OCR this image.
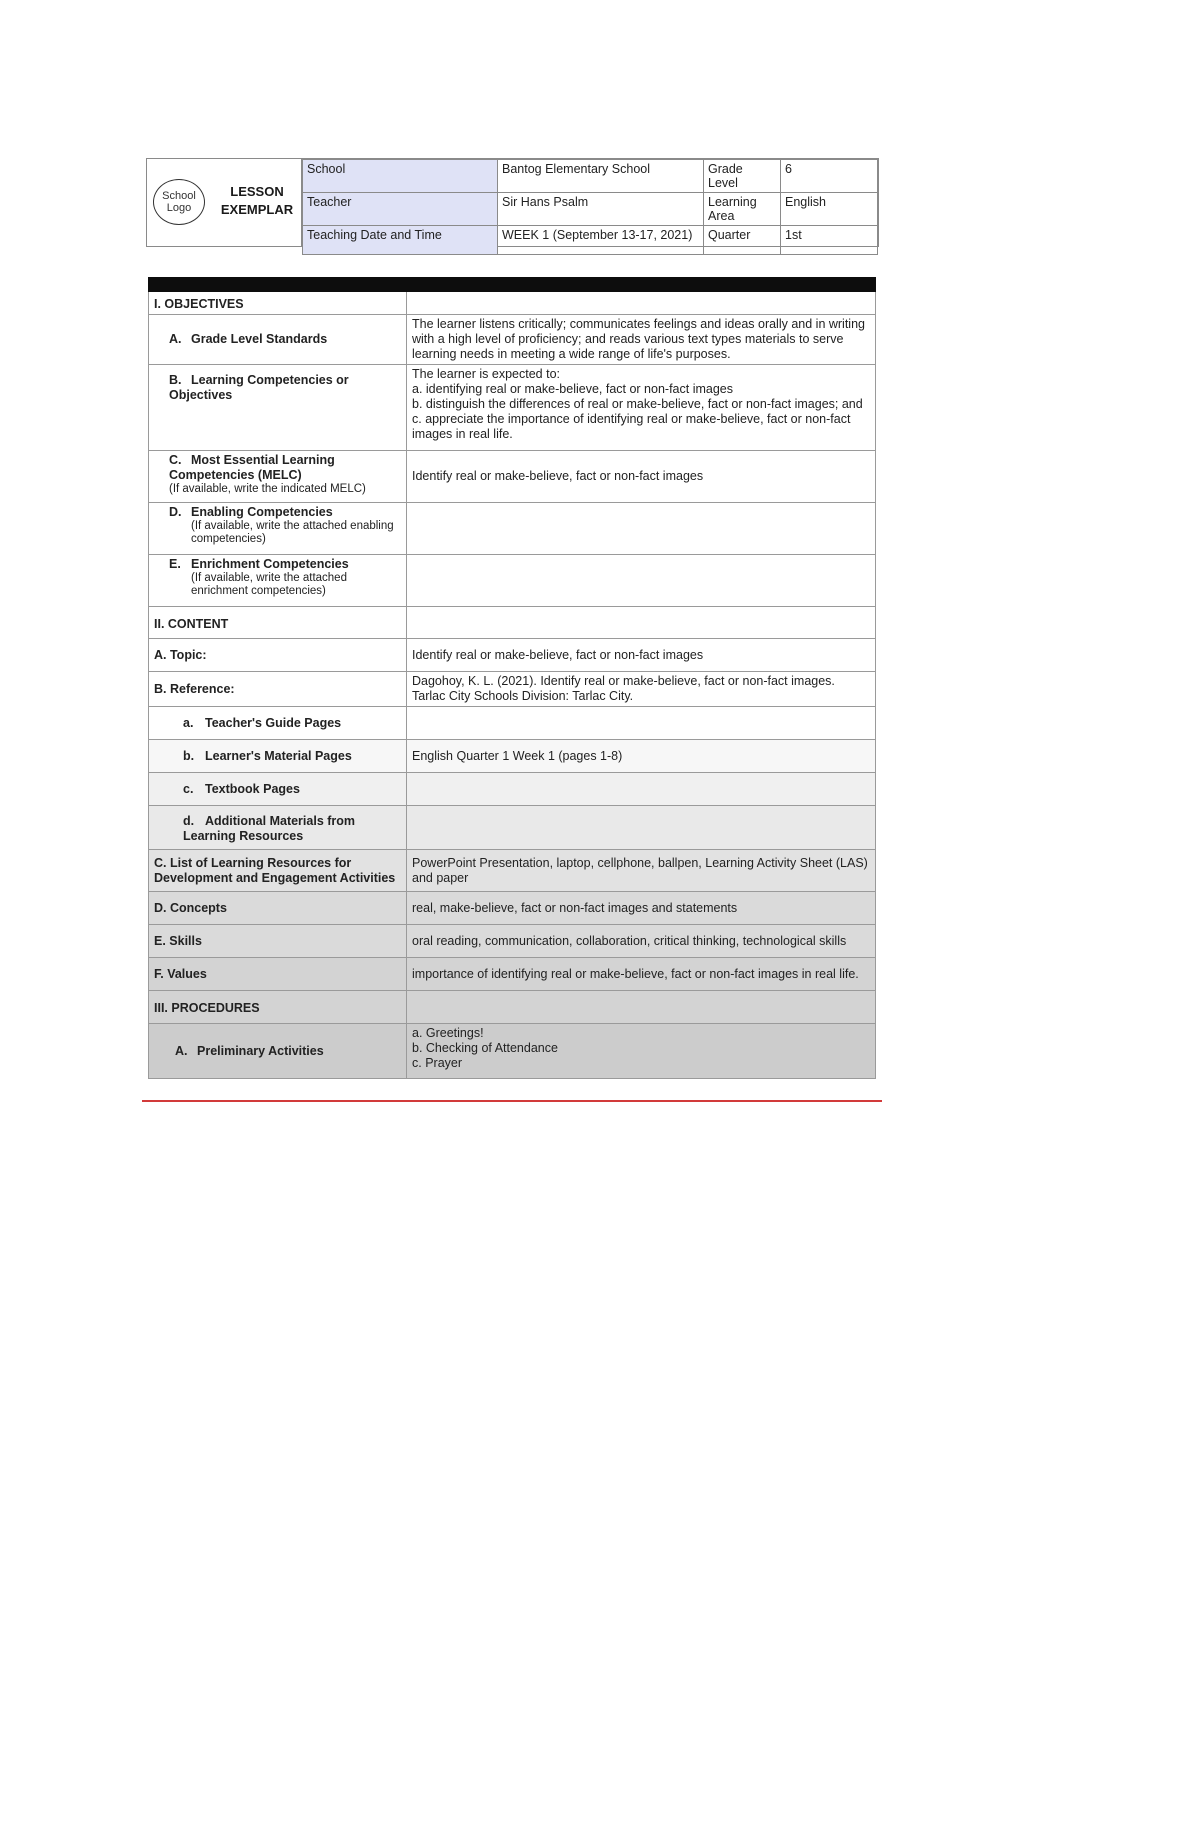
School
Logo
LESSON
EXEMPLAR
School	Bantog Elementary School	Grade Level	6
Teacher	Sir Hans Psalm	Learning Area	English
Teaching Date and Time	WEEK 1 (September 13-17, 2021)	Quarter	1st

I. OBJECTIVES	
A. Grade Level Standards	The learner listens critically; communicates feelings and ideas orally and in writing with a high level of proficiency; and reads various text types materials to serve learning needs in meeting a wide range of life's purposes.
B. Learning Competencies or Objectives	The learner is expected to:
a. identifying real or make-believe, fact or non-fact images
b. distinguish the differences of real or make-believe, fact or non-fact images; and
c. appreciate the importance of identifying real or make-believe, fact or non-fact images in real life.

C. Most Essential Learning Competencies (MELC)
(If available, write the indicated MELC)	Identify real or make-believe, fact or non-fact images
D. Enabling Competencies
(If available, write the attached enabling competencies)	

E. Enrichment Competencies
(If available, write the attached enrichment competencies)	

II. CONTENT	
A. Topic:	Identify real or make-believe, fact or non-fact images
B. Reference:	Dagohoy, K. L. (2021). Identify real or make-believe, fact or non-fact images. Tarlac City Schools Division: Tarlac City.
a. Teacher's Guide Pages	
b. Learner's Material Pages	English Quarter 1 Week 1 (pages 1-8)
c. Textbook Pages	
d. Additional Materials from Learning Resources	
C. List of Learning Resources for Development and Engagement Activities	PowerPoint Presentation, laptop, cellphone, ballpen, Learning Activity Sheet (LAS) and paper
D. Concepts	real, make-believe, fact or non-fact images and statements
E. Skills	oral reading, communication, collaboration, critical thinking, technological skills
F. Values	importance of identifying real or make-believe, fact or non-fact images in real life.
III. PROCEDURES	
A. Preliminary Activities	a. Greetings!
b. Checking of Attendance
c. Prayer
